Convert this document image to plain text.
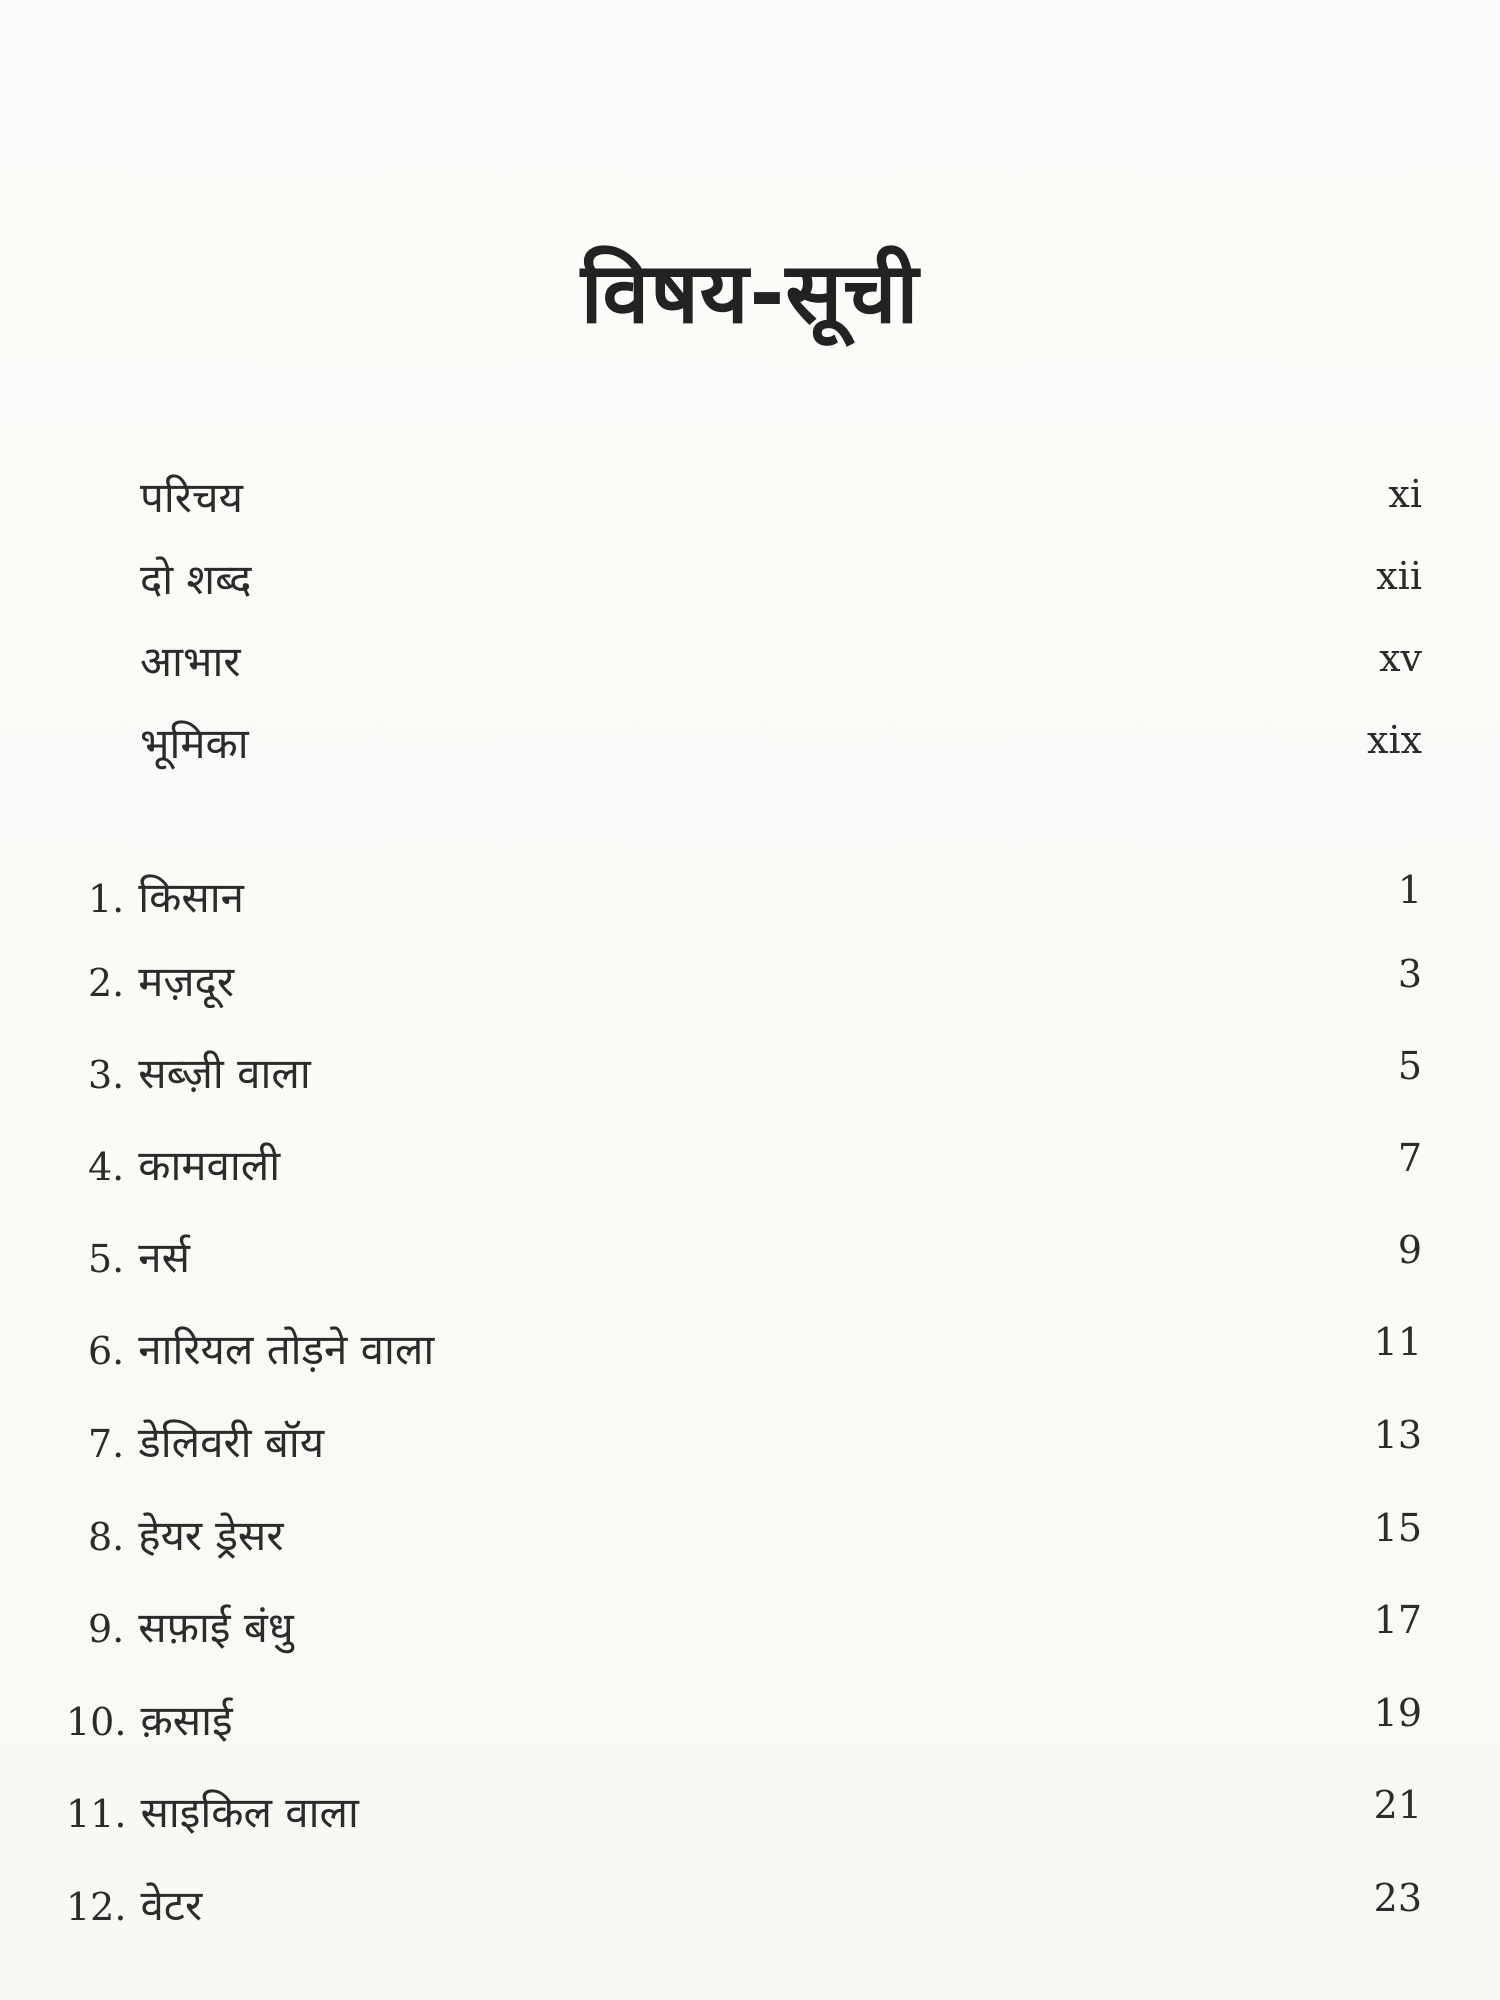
विषय-सूची
परिचय	xi
दो शब्द	xii
आभार	xv
भूमिका	xix
1. किसान	1
2. मज़दूर	3
3. सब्ज़ी वाला	5
4. कामवाली	7
5. नर्स	9
6. नारियल तोड़ने वाला	11
7. डेलिवरी बॉय	13
8. हेयर ड्रेसर	15
9. सफ़ाई बंधु	17
10. क़साई	19
11. साइकिल वाला	21
12. वेटर	23
